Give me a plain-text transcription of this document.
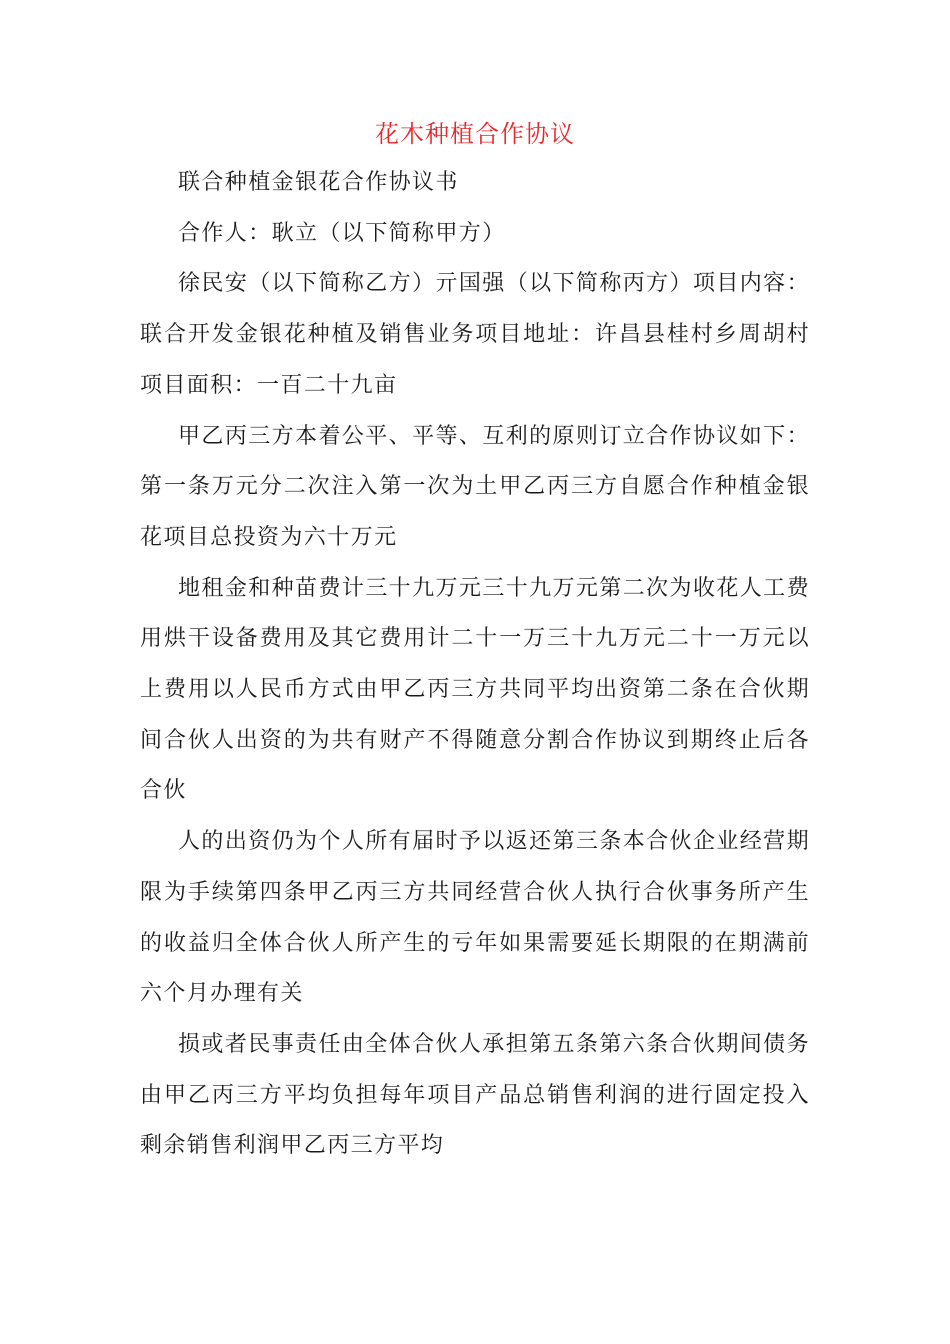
花木种植合作协议

联合种植金银花合作协议书

合作人：耿立（以下简称甲方）

徐民安（以下简称乙方）亓国强（以下简称丙方）项目内容：联合开发金银花种植及销售业务项目地址：许昌县桂村乡周胡村项目面积：一百二十九亩

甲乙丙三方本着公平、平等、互利的原则订立合作协议如下：第一条万元分二次注入第一次为土甲乙丙三方自愿合作种植金银花项目总投资为六十万元

地租金和种苗费计三十九万元三十九万元第二次为收花人工费用烘干设备费用及其它费用计二十一万三十九万元二十一万元以上费用以人民币方式由甲乙丙三方共同平均出资第二条在合伙期间合伙人出资的为共有财产不得随意分割合作协议到期终止后各合伙

人的出资仍为个人所有届时予以返还第三条本合伙企业经营期限为手续第四条甲乙丙三方共同经营合伙人执行合伙事务所产生的收益归全体合伙人所产生的亏年如果需要延长期限的在期满前六个月办理有关

损或者民事责任由全体合伙人承担第五条第六条合伙期间债务由甲乙丙三方平均负担每年项目产品总销售利润的进行固定投入剩余销售利润甲乙丙三方平均
